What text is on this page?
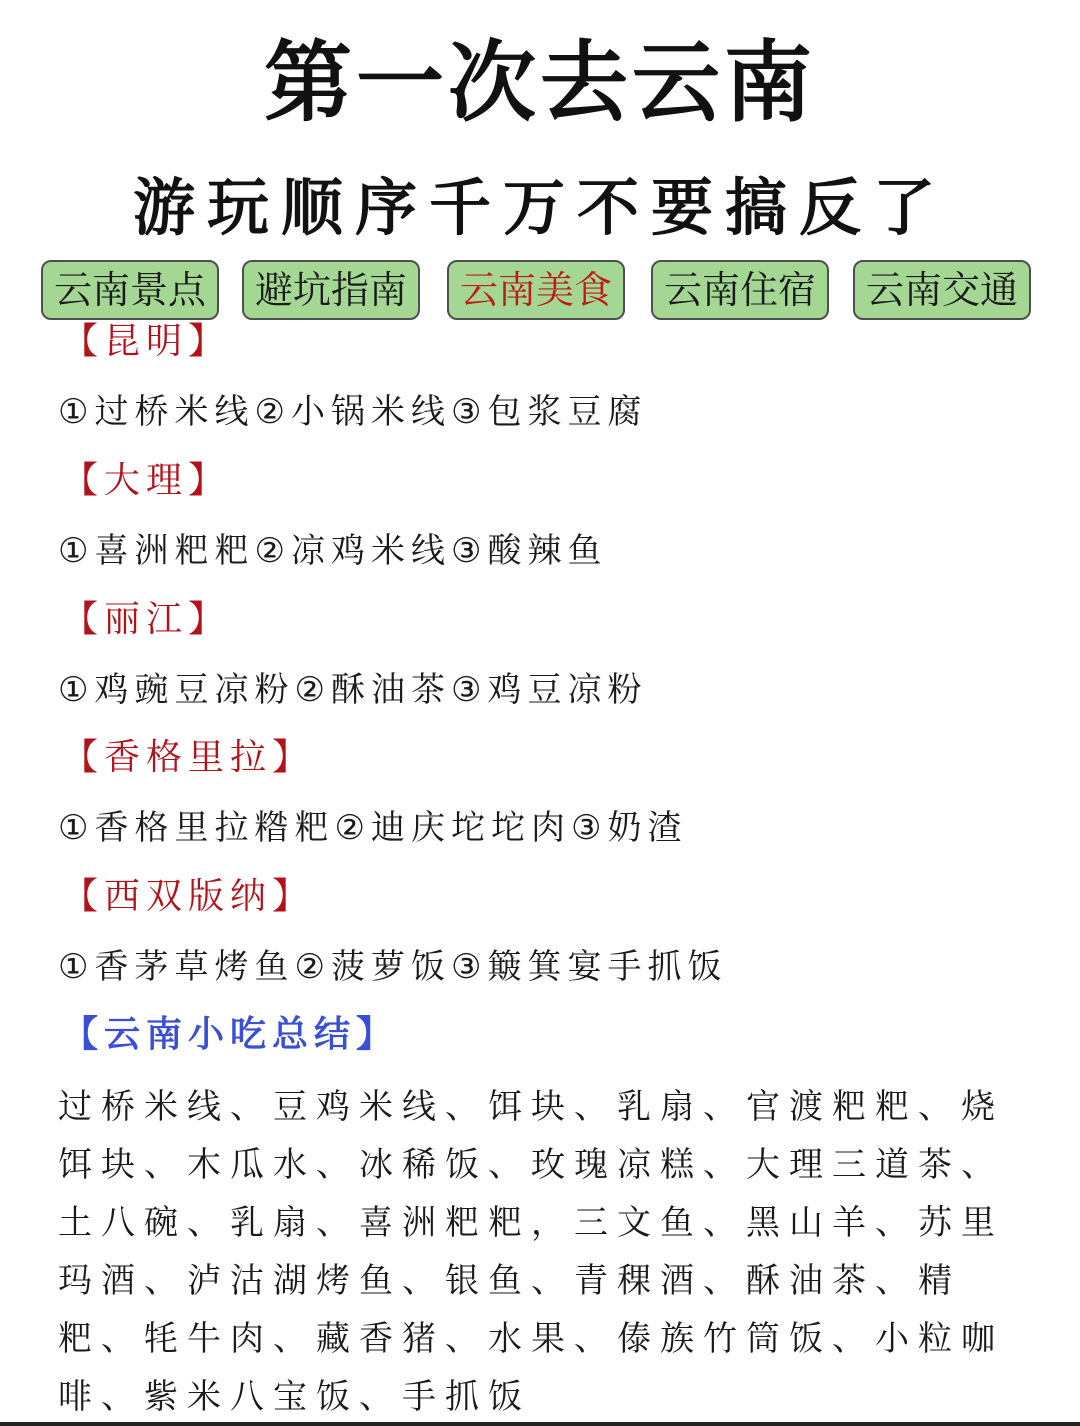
第一次去云南
游玩顺序千万不要搞反了
云南景点	避坑指南	云南美食	云南住宿	云南交通
【昆明】
①过桥米线②小锅米线③包浆豆腐
【大理】
①喜洲粑粑②凉鸡米线③酸辣鱼
【丽江】
①鸡豌豆凉粉②酥油茶③鸡豆凉粉
【香格里拉】
①香格里拉糌粑②迪庆坨坨肉③奶渣
【西双版纳】
①香茅草烤鱼②菠萝饭③簸箕宴手抓饭
【云南小吃总结】
过桥米线、豆鸡米线、饵块、乳扇、官渡粑粑、烧饵块、木瓜水、冰稀饭、玫瑰凉糕、大理三道茶、土八碗、乳扇、喜洲粑粑，三文鱼、黑山羊、苏里玛酒、泸沽湖烤鱼、银鱼、青稞酒、酥油茶、精粑、牦牛肉、藏香猪、水果、傣族竹筒饭、小粒咖啡、紫米八宝饭、手抓饭
